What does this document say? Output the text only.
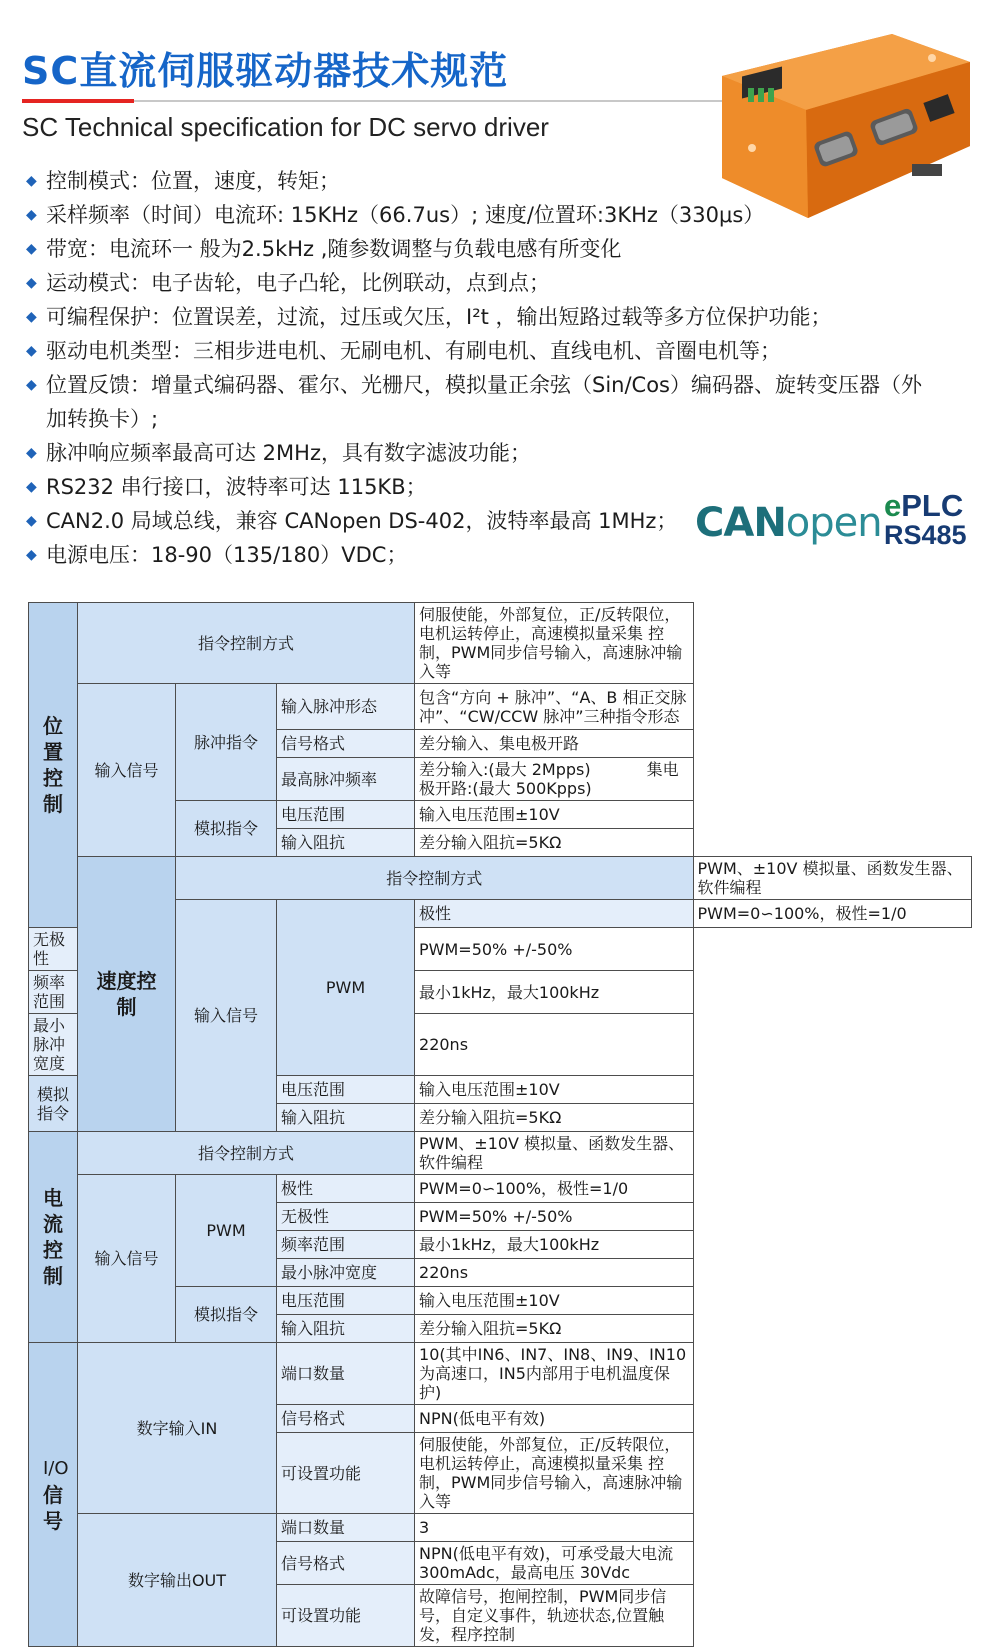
SC直流伺服驱动器技术规范
SC Technical specification for DC servo driver
◆ 控制模式：位置，速度，转矩；
◆ 采样频率（时间）电流环: 15KHz（66.7us）; 速度/位置环:3KHz（330μs）
◆ 带宽：电流环一 般为2.5kHz ,随参数调整与负载电感有所变化
◆ 运动模式：电子齿轮，电子凸轮，比例联动，点到点；
◆ 可编程保护：位置误差，过流，过压或欠压，I²t ，输出短路过载等多方位保护功能；
◆ 驱动电机类型：三相步进电机、无刷电机、有刷电机、直线电机、音圈电机等；
◆ 位置反馈：增量式编码器、霍尔、光栅尺，模拟量正余弦（Sin/Cos）编码器、旋转变压器（外 加转换卡）;
◆ 脉冲响应频率最高可达 2MHz，具有数字滤波功能；
◆ RS232 串行接口，波特率可达 115KB；
◆ CAN2.0 局域总线，兼容 CANopen DS-402，波特率最高 1MHz；
◆ 电源电压：18-90（135/180）VDC；
CANopen ePLC
RS485
位置控制	指令控制方式			伺服使能，外部复位，正/反转限位，电机运转停止，高速模拟量采集 控制，PWM同步信号输入，高速脉冲输入等	
	输入信号	脉冲指令	输入脉冲形态	包含“方向 + 脉冲”、“A、B 相正交脉冲”、“CW/CCW 脉冲”三种指令形态	
			信号格式	差分输入、集电极开路	
			最高脉冲频率	差分输入:(最大 2Mpps) 集电极开路:(最大 500Kpps)	
		模拟指令	电压范围	输入电压范围±10V	
			输入阻抗	差分输入阻抗=5KΩ	
	速度控制	指令控制方式			PWM、±10V 模拟量、函数发生器、软件编程
		输入信号	PWM	极性	PWM=0∽100%，极性=1/0
无极性				PWM=50% +/-50%	
频率范围				最小1kHz，最大100kHz	
最小脉冲宽度				220ns	
模拟指令			电压范围	输入电压范围±10V	
			输入阻抗	差分输入阻抗=5KΩ	
电流控制	指令控制方式			PWM、±10V 模拟量、函数发生器、软件编程	
	输入信号	PWM	极性	PWM=0∽100%，极性=1/0	
			无极性	PWM=50% +/-50%	
			频率范围	最小1kHz，最大100kHz	
			最小脉冲宽度	220ns	
		模拟指令	电压范围	输入电压范围±10V	
			输入阻抗	差分输入阻抗=5KΩ	

I/O
信号	数字输入IN		端口数量	10(其中IN6、IN7、IN8、IN9、IN10为高速口，IN5内部用于电机温度保护)	
			信号格式	NPN(低电平有效)	
			可设置功能	伺服使能，外部复位，正/反转限位，电机运转停止，高速模拟量采集 控制，PWM同步信号输入，高速脉冲输入等	
	数字输出OUT		端口数量	3	
			信号格式	NPN(低电平有效)，可承受最大电流 300mAdc，最高电压 30Vdc	
			可设置功能	故障信号，抱闸控制，PWM同步信号，自定义事件，轨迹状态,位置触 发，程序控制	
